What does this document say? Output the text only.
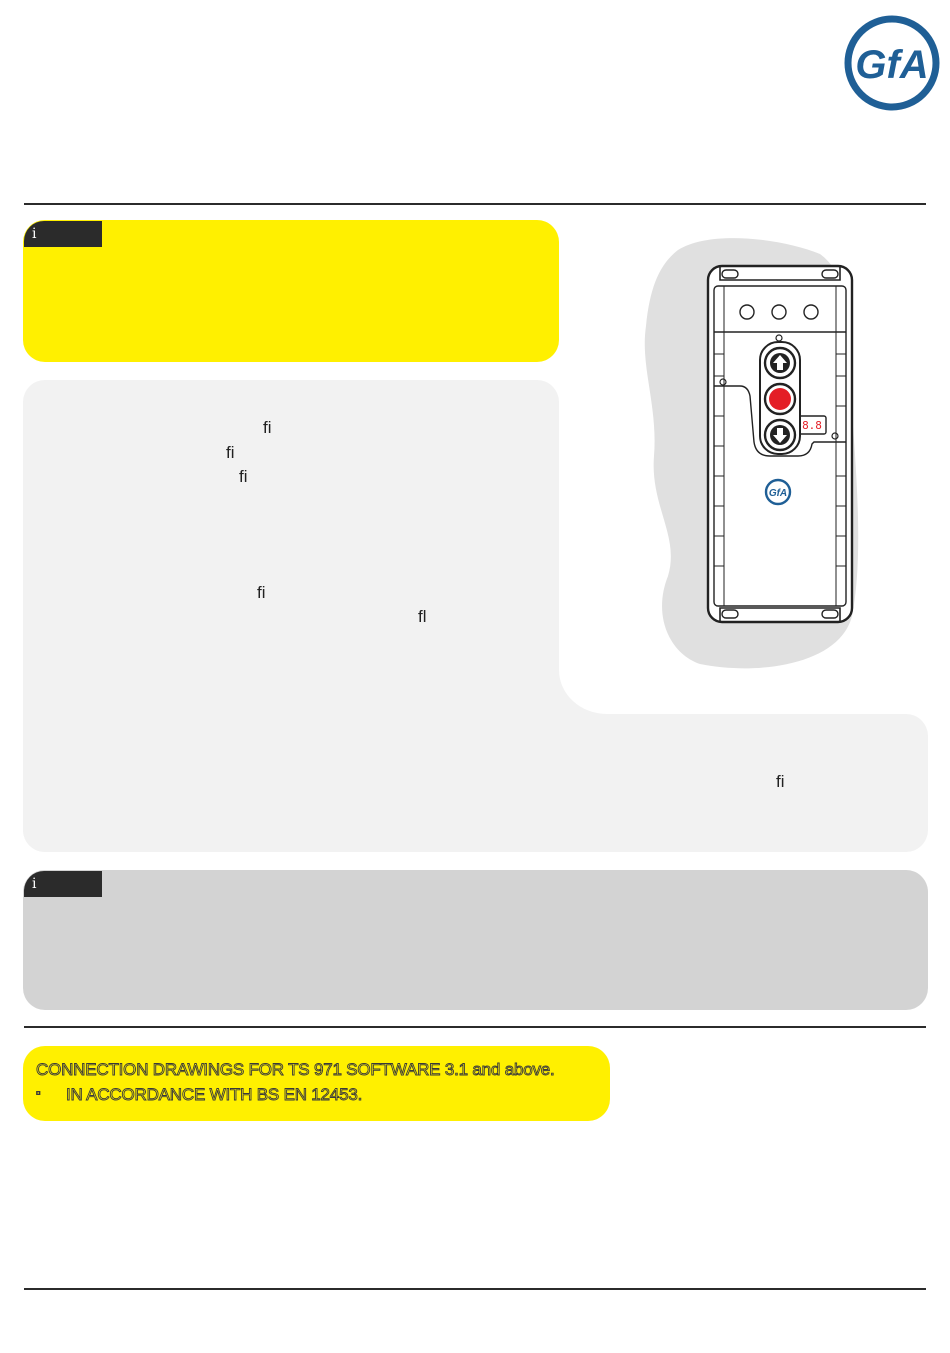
GfA
i
ﬁ
ﬁ
ﬁ
ﬁ
ﬂ
ﬁ
8.8
GfA
i
CONNECTION DRAWINGS FOR TS 971 SOFTWARE 3.1 and above.
▫ IN ACCORDANCE WITH BS EN 12453.
